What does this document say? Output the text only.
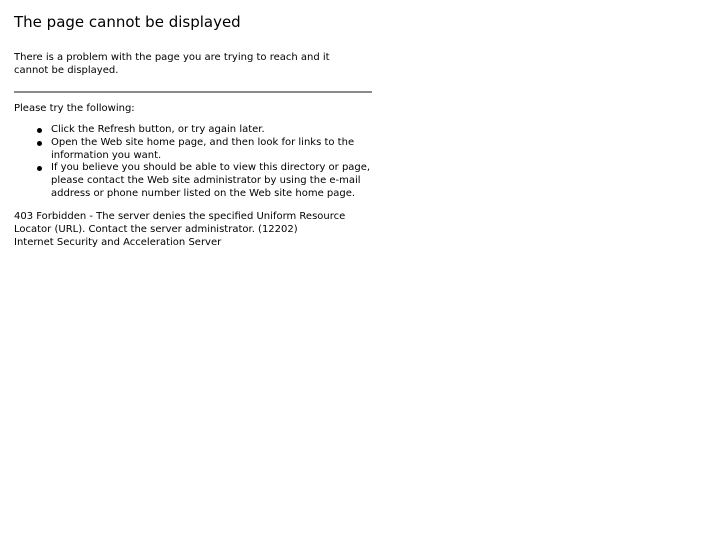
The page cannot be displayed

There is a problem with the page you are trying to reach and it
cannot be displayed.

Please try the following:

Click the Refresh button, or try again later.
Open the Web site home page, and then look for links to the information you want.
If you believe you should be able to view this directory or page, please contact the Web site administrator by using the e-mail address or phone number listed on the Web site home page.

403 Forbidden - The server denies the specified Uniform Resource
Locator (URL). Contact the server administrator. (12202)
Internet Security and Acceleration Server
